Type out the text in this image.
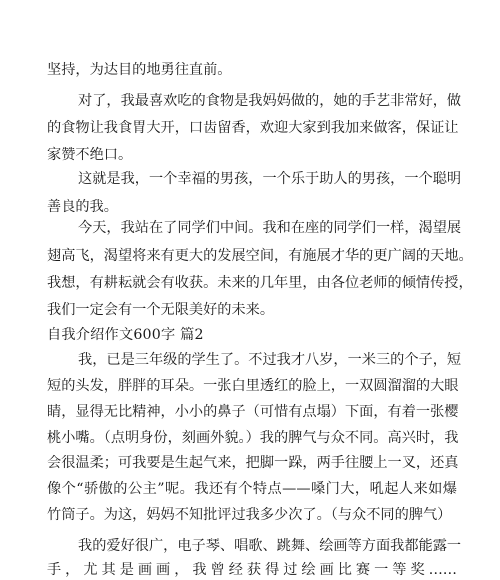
坚持，为达目的地勇往直前。
对了，我最喜欢吃的食物是我妈妈做的，她的手艺非常好，做
的食物让我食胃大开，口齿留香，欢迎大家到我加来做客，保证让
家赞不绝口。
这就是我，一个幸福的男孩，一个乐于助人的男孩，一个聪明
善良的我。
今天，我站在了同学们中间。我和在座的同学们一样，渴望展
翅高飞，渴望将来有更大的发展空间，有施展才华的更广阔的天地。
我想，有耕耘就会有收获。未来的几年里，由各位老师的倾情传授，
我们一定会有一个无限美好的未来。
自我介绍作文600字 篇2
我，已是三年级的学生了。不过我才八岁，一米三的个子，短
短的头发，胖胖的耳朵。一张白里透红的脸上，一双圆溜溜的大眼
睛，显得无比精神，小小的鼻子（可惜有点塌）下面，有着一张樱
桃小嘴。（点明身份，刻画外貌。）我的脾气与众不同。高兴时，我
会很温柔；可我要是生起气来，把脚一跺，两手往腰上一叉，还真
像个“骄傲的公主”呢。我还有个特点——嗓门大，吼起人来如爆
竹筒子。为这，妈妈不知批评过我多少次了。（与众不同的脾气）
我的爱好很广，电子琴、唱歌、跳舞、绘画等方面我都能露一
手，尤其是画画，我曾经获得过绘画比赛一等奖……
